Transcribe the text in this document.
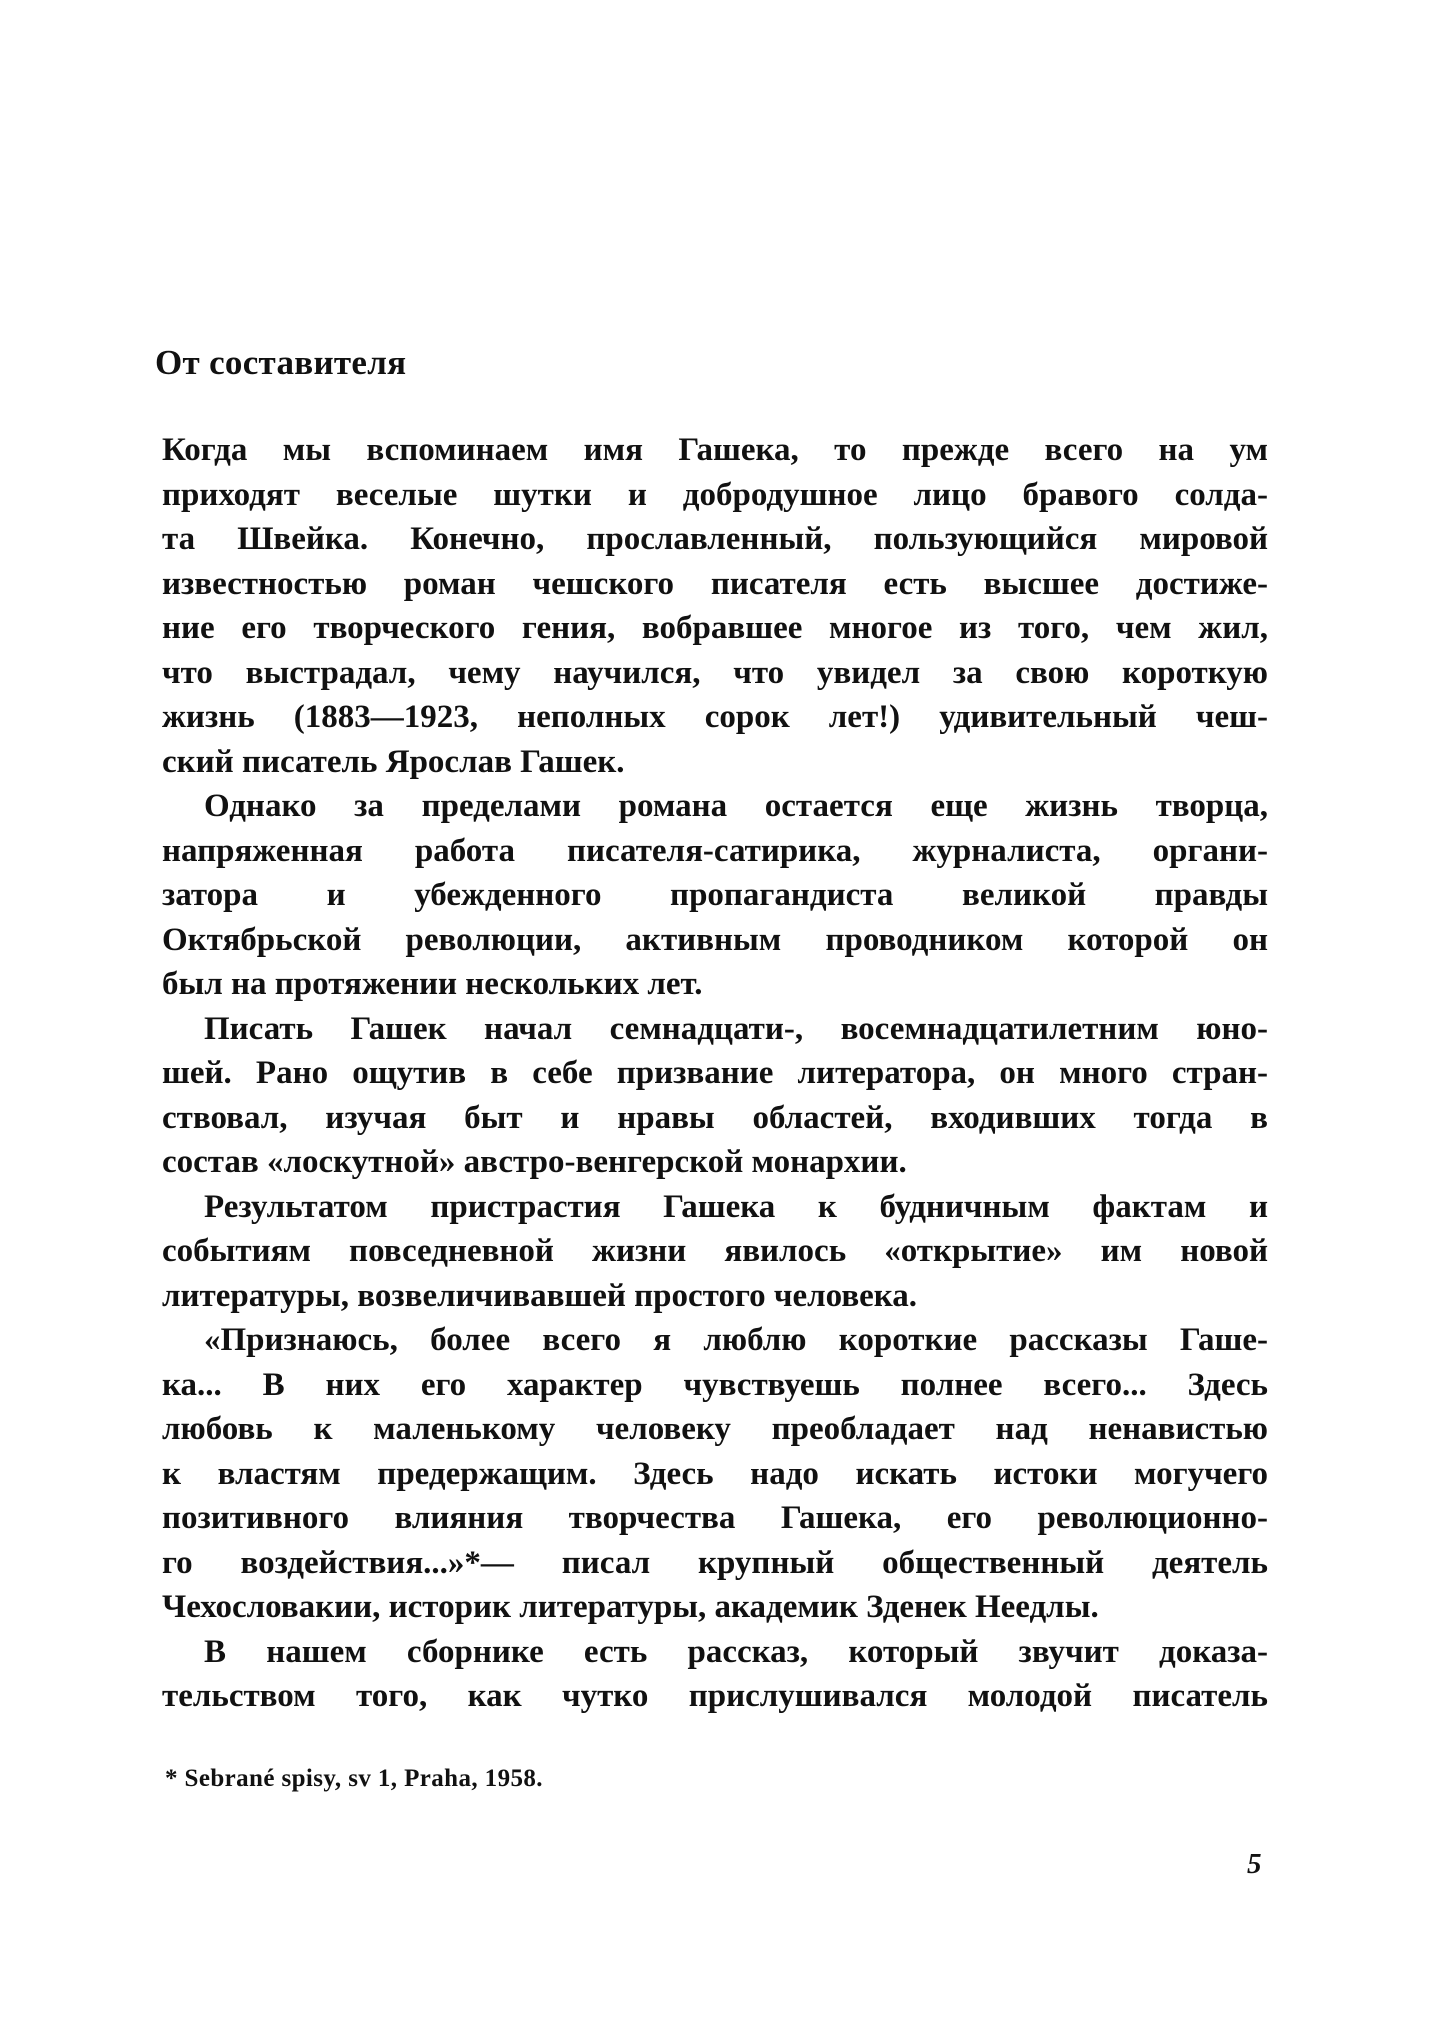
От составителя
Когда мы вспоминаем имя Гашека, то прежде всего на ум
приходят веселые шутки и добродушное лицо бравого солда-
та Швейка. Конечно, прославленный, пользующийся мировой
известностью роман чешского писателя есть высшее достиже-
ние его творческого гения, вобравшее многое из того, чем жил,
что выстрадал, чему научился, что увидел за свою короткую
жизнь (1883—1923, неполных сорок лет!) удивительный чеш-
ский писатель Ярослав Гашек.
Однако за пределами романа остается еще жизнь творца,
напряженная работа писателя-сатирика, журналиста, органи-
затора и убежденного пропагандиста великой правды
Октябрьской революции, активным проводником которой он
был на протяжении нескольких лет.
Писать Гашек начал семнадцати-, восемнадцатилетним юно-
шей. Рано ощутив в себе призвание литератора, он много стран-
ствовал, изучая быт и нравы областей, входивших тогда в
состав «лоскутной» австро-венгерской монархии.
Результатом пристрастия Гашека к будничным фактам и
событиям повседневной жизни явилось «открытие» им новой
литературы, возвеличивавшей простого человека.
«Признаюсь, более всего я люблю короткие рассказы Гаше-
ка... В них его характер чувствуешь полнее всего... Здесь
любовь к маленькому человеку преобладает над ненавистью
к властям предержащим. Здесь надо искать истоки могучего
позитивного влияния творчества Гашека, его революционно-
го воздействия...»*— писал крупный общественный деятель
Чехословакии, историк литературы, академик Зденек Неедлы.
В нашем сборнике есть рассказ, который звучит доказа-
тельством того, как чутко прислушивался молодой писатель
* Sebrané spisy, sv 1, Praha, 1958.
5
